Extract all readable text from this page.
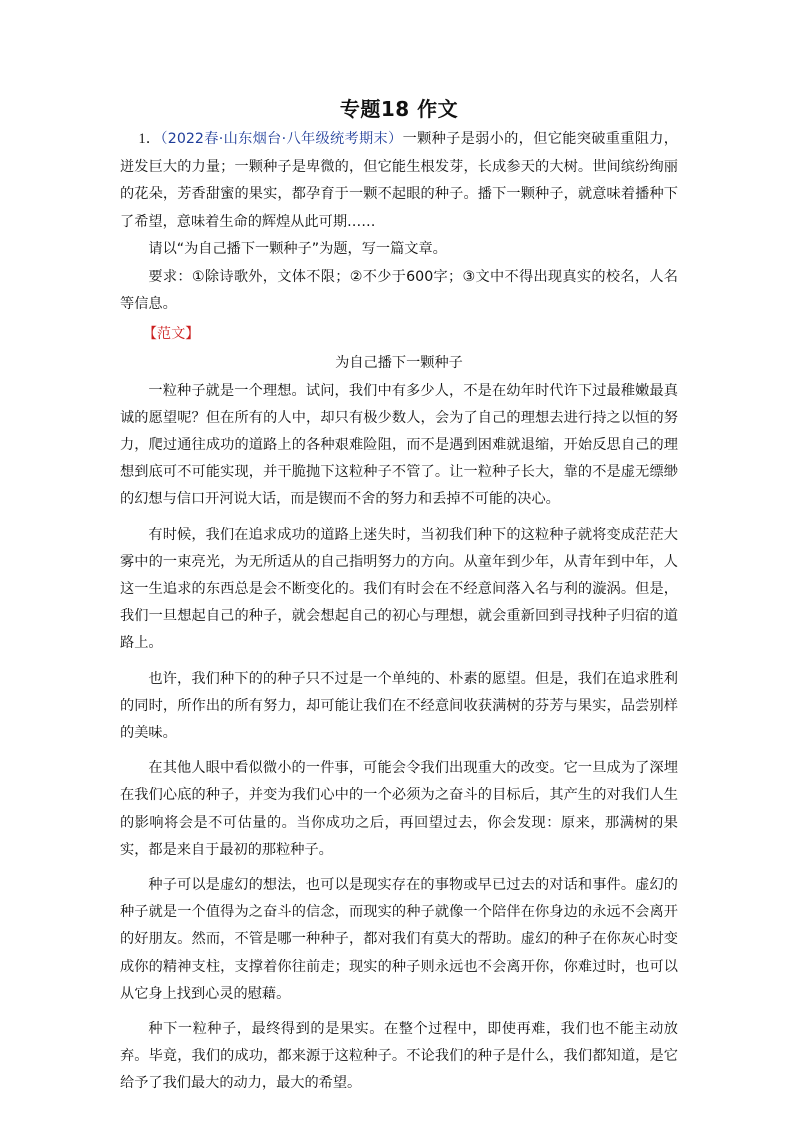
专题18 作文

1．（2022春·山东烟台·八年级统考期末）一颗种子是弱小的，但它能突破重重阻力，迸发巨大的力量；一颗种子是卑微的，但它能生根发芽，长成参天的大树。世间缤纷绚丽的花朵，芳香甜蜜的果实，都孕育于一颗不起眼的种子。播下一颗种子，就意味着播种下了希望，意味着生命的辉煌从此可期……

请以“为自己播下一颗种子”为题，写一篇文章。

要求：①除诗歌外，文体不限；②不少于600字；③文中不得出现真实的校名，人名等信息。

【范文】

为自己播下一颗种子

一粒种子就是一个理想。试问，我们中有多少人，不是在幼年时代许下过最稚嫩最真诚的愿望呢？但在所有的人中，却只有极少数人，会为了自己的理想去进行持之以恒的努力，爬过通往成功的道路上的各种艰难险阻，而不是遇到困难就退缩，开始反思自己的理想到底可不可能实现，并干脆抛下这粒种子不管了。让一粒种子长大，靠的不是虚无缥缈的幻想与信口开河说大话，而是锲而不舍的努力和丢掉不可能的决心。

有时候，我们在追求成功的道路上迷失时，当初我们种下的这粒种子就将变成茫茫大雾中的一束亮光，为无所适从的自己指明努力的方向。从童年到少年，从青年到中年，人这一生追求的东西总是会不断变化的。我们有时会在不经意间落入名与利的漩涡。但是，我们一旦想起自己的种子，就会想起自己的初心与理想，就会重新回到寻找种子归宿的道路上。

也许，我们种下的的种子只不过是一个单纯的、朴素的愿望。但是，我们在追求胜利的同时，所作出的所有努力，却可能让我们在不经意间收获满树的芬芳与果实，品尝别样的美味。

在其他人眼中看似微小的一件事，可能会令我们出现重大的改变。它一旦成为了深埋在我们心底的种子，并变为我们心中的一个必须为之奋斗的目标后，其产生的对我们人生的影响将会是不可估量的。当你成功之后，再回望过去，你会发现：原来，那满树的果实，都是来自于最初的那粒种子。

种子可以是虚幻的想法，也可以是现实存在的事物或早已过去的对话和事件。虚幻的种子就是一个值得为之奋斗的信念，而现实的种子就像一个陪伴在你身边的永远不会离开的好朋友。然而，不管是哪一种种子，都对我们有莫大的帮助。虚幻的种子在你灰心时变成你的精神支柱，支撑着你往前走；现实的种子则永远也不会离开你，你难过时，也可以从它身上找到心灵的慰藉。

种下一粒种子，最终得到的是果实。在整个过程中，即使再难，我们也不能主动放弃。毕竟，我们的成功，都来源于这粒种子。不论我们的种子是什么，我们都知道，是它给予了我们最大的动力，最大的希望。
